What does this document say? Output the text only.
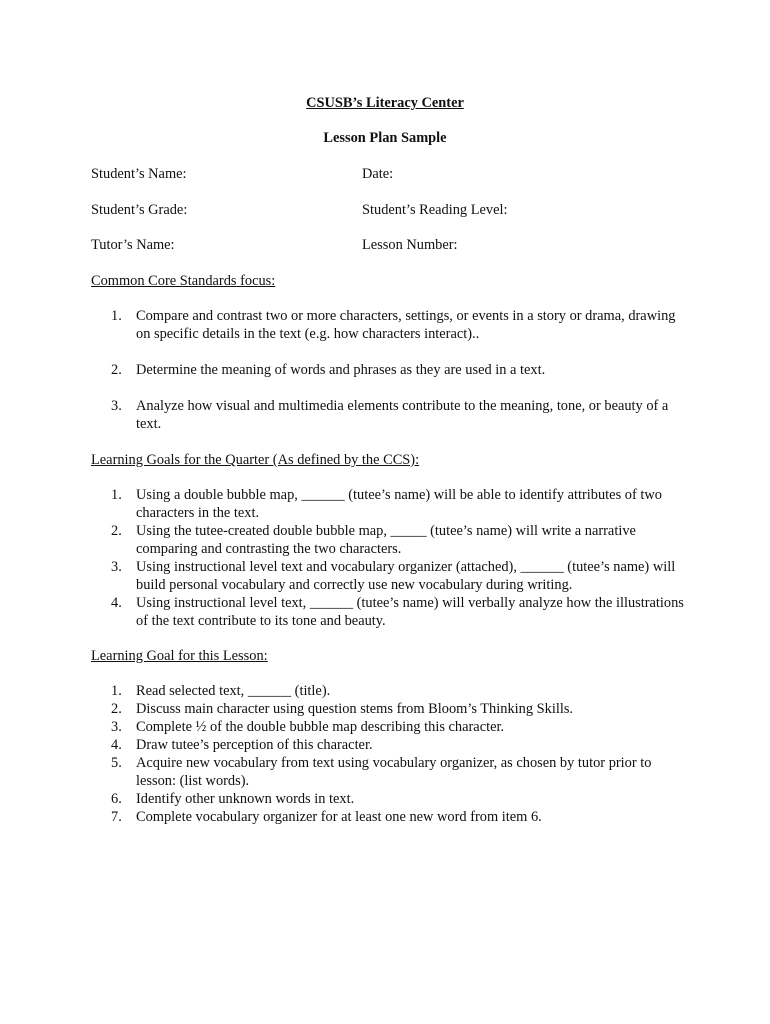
CSUSB’s Literacy Center
Lesson Plan Sample
Student’s Name:	Date:
Student’s Grade:	Student’s Reading Level:
Tutor’s Name:	Lesson Number:
Common Core Standards focus:
1. Compare and contrast two or more characters, settings, or events in a story or drama, drawing on specific details in the text (e.g. how characters interact)..
2. Determine the meaning of words and phrases as they are used in a text.
3. Analyze how visual and multimedia elements contribute to the meaning, tone, or beauty of a text.
Learning Goals for the Quarter (As defined by the CCS):
1. Using a double bubble map, ______ (tutee’s name) will be able to identify attributes of two characters in the text.
2. Using the tutee-created double bubble map, _____ (tutee’s name) will write a narrative comparing and contrasting the two characters.
3. Using instructional level text and vocabulary organizer (attached), ______ (tutee’s name) will build personal vocabulary and correctly use new vocabulary during writing.
4. Using instructional level text, ______ (tutee’s name) will verbally analyze how the illustrations of the text contribute to its tone and beauty.
Learning Goal for this Lesson:
1. Read selected text, ______ (title).
2. Discuss main character using question stems from Bloom’s Thinking Skills.
3. Complete ½ of the double bubble map describing this character.
4. Draw tutee’s perception of this character.
5. Acquire new vocabulary from text using vocabulary organizer, as chosen by tutor prior to lesson: (list words).
6. Identify other unknown words in text.
7. Complete vocabulary organizer for at least one new word from item 6.
